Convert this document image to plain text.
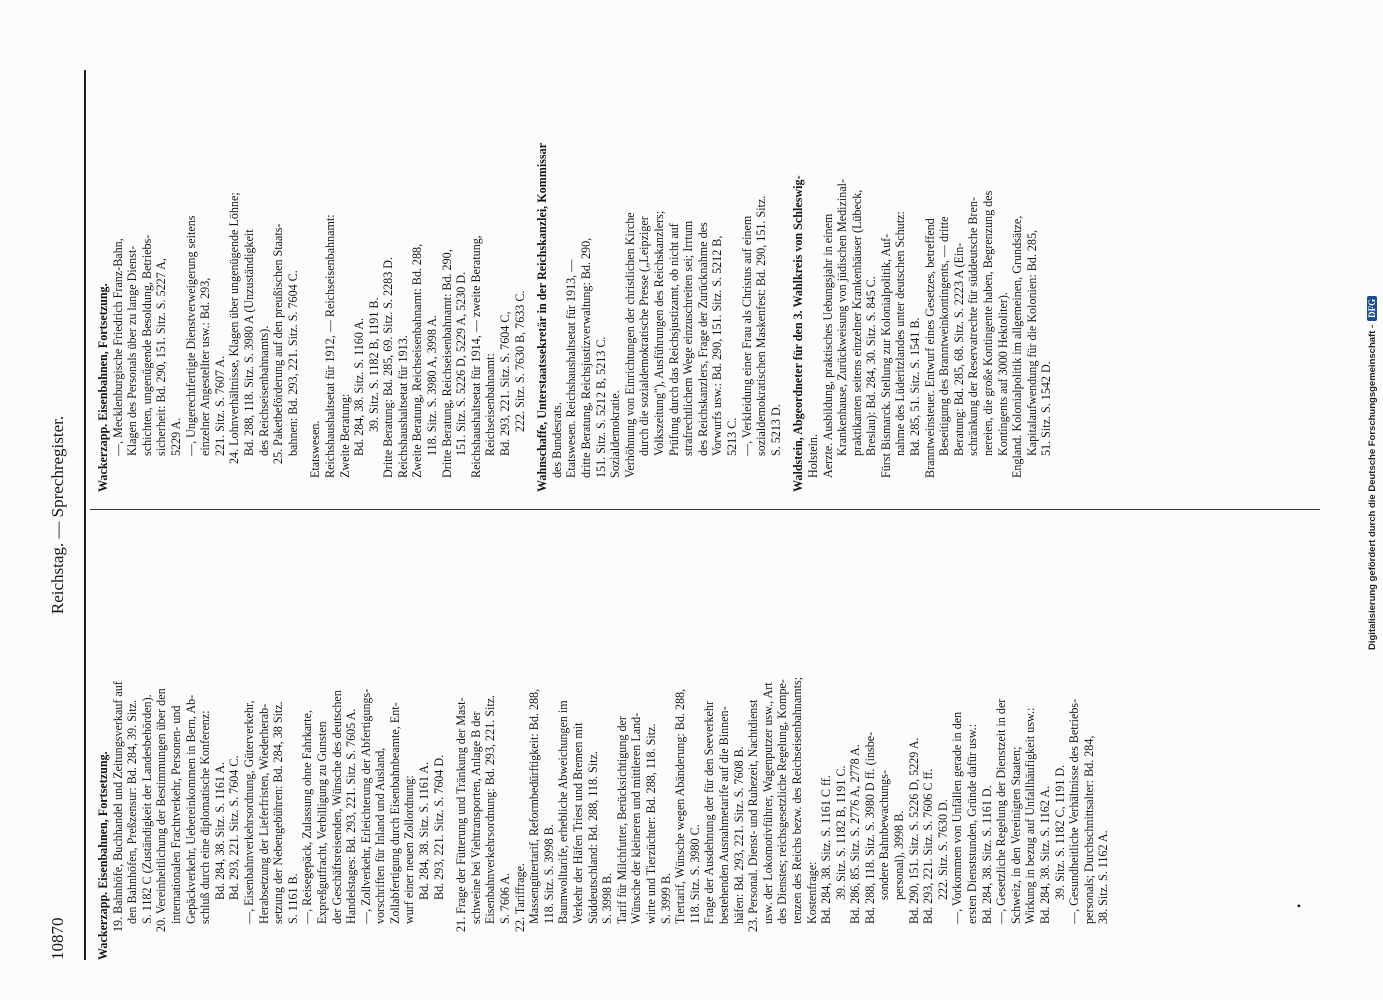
10870
Reichstag. — Sprechregister.
Wackerzapp. Eisenbahnen, Fortsetzung. 19. Bahnhöfe, Buchhandel und Zeitungsverkauf auf den Bahnhöfen, Preßzensur: Bd. 284, 39. Sitz. S. 1182 C (Zuständigkeit der Landesbehörden). 20. Vereinheitlichung der Bestimmungen über den internationalen Frachtverkehr, Personen- und Gepäckverkehr, Uebereinkommen in Bern, Ab- schluß durch eine diplomatische Konferenz: Bd. 284, 38. Sitz. S. 1161 A. Bd. 293, 221. Sitz. S. 7604 C. —, Eisenbahnverkehrsordnung, Güterverkehr, Herabsetzung der Lieferfristen, Wiederherab- setzung der Nebengebühren: Bd. 284, 38 Sitz. S. 1161 B. —, Reisegepäck, Zulassung ohne Fahrkarte, Expreßgutfracht, Verbilligung zu Gunsten der Geschäftsreisenden, Wünsche des deutschen Handelstages: Bd. 293, 221. Sitz. S. 7605 A. —, Zollverkehr, Erleichterung der Abfertigungs- vorschriften für Inland und Ausland, Zollabfertigung durch Eisenbahnbeamte, Ent- wurf einer neuen Zollordnung: Bd. 284, 38. Sitz. S. 1161 A. Bd. 293, 221. Sitz. S. 7604 D. 21. Frage der Fütterung und Tränkung der Mast- schweine bei Viehtransporten, Anlage B der Eisenbahnverkehrsordnung: Bd. 293, 221. Sitz. S. 7606 A. 22. Tariffrage. Massengütertarif, Reformbedürftigkeit: Bd. 288, 118. Sitz. S. 3998 B. Baumwolltarife, erhebliche Abweichungen im Verkehr der Häfen Triest und Bremen mit Süddeutschland: Bd. 288, 118. Sitz. S. 3998 B. Tarif für Milchfutter, Berücksichtigung der Wünsche der kleineren und mittleren Land- wirte und Tierzüchter: Bd. 288, 118. Sitz. S. 3999 B. Tiertarif, Wünsche wegen Abänderung: Bd. 288, 118. Sitz. S. 3980 C. Frage der Ausdehnung der für den Seeverkehr bestehenden Ausnahmetarife auf die Binnen- häfen: Bd. 293, 221. Sitz. S. 7608 B. 23. Personal. Dienst- und Ruhezeit, Nachtdienst usw. der Lokomotivführer, Wagenputzer usw., Art des Dienstes; reichsgesetzliche Regelung, Kompe- tenzen des Reichs bezw. des Reichseisenbahnamts; Kostenfrage: Bd. 284, 38. Sitz. S. 1161 C ff. 39. Sitz. S. 1182 B, 1191 C. Bd. 286, 85. Sitz. S. 2776 A, 2778 A. Bd. 288, 118. Sitz. S. 3980 D ff. (insbe- sondere Bahnbewachungs- personal), 3998 B. Bd. 290, 151. Sitz. S. 5226 D, 5229 A. Bd. 293, 221. Sitz. S. 7606 C ff. 222. Sitz. S. 7630 D. —, Vorkommen von Unfällen gerade in den ersten Dienststunden, Gründe dafür usw.: Bd. 284, 38. Sitz. S. 1161 D. —, Gesetzliche Regelung der Dienstzeit in der Schweiz, in den Vereinigten Staaten; Wirkung in bezug auf Unfallhäufigkeit usw.: Bd. 284, 38. Sitz. S. 1162 A. 39. Sitz. S. 1182 C, 1191 D. —, Gesundheitliche Verhältnisse des Betriebs- personals; Durchschnittsalter: Bd. 284, 38. Sitz. S. 1162 A.
Wackerzapp. Eisenbahnen, Fortsetzung. —, Mecklenburgische Friedrich Franz-Bahn, Klagen des Personals über zu lange Dienst- schichten, ungenügende Besoldung, Betriebs- sicherheit: Bd. 290, 151. Sitz. S. 5227 A, 5229 A. —, Ungerechtfertigte Dienstverweigerung seitens einzelner Angestellter usw.: Bd. 293, 221. Sitz. S. 7607 A. 24. Lohnverhältnisse, Klagen über ungenügende Löhne; Bd. 288, 118. Sitz. S. 3980 A (Unzuständigkeit des Reichseisenbahnamts). 25. Paketbeförderung auf den preußischen Staats- bahnen: Bd. 293, 221. Sitz. S. 7604 C. Etatswesen. Reichshaushaltsetat für 1912, — Reichseisenbahnamt: Zweite Beratung: Bd. 284, 38. Sitz. S. 1160 A. 39. Sitz. S. 1182 B, 1191 B. Dritte Beratung: Bd. 285, 69. Sitz. S. 2283 D. Reichshaushaltsetat für 1913. Zweite Beratung, Reichseisenbahnamt: Bd. 288, 118. Sitz. S. 3980 A, 3998 A. Dritte Beratung, Reichseisenbahnamt: Bd. 290, 151. Sitz. S. 5226 D, 5229 A, 5230 D. Reichshaushaltsetat für 1914, — zweite Beratung, Reichseisenbahnamt: Bd. 293, 221. Sitz. S. 7604 C, 222. Sitz. S. 7630 B, 7633 C. Wahnschaffe, Unterstaatssekretär in der Reichskanzlei, Kommissar des Bundesrats. Etatswesen. Reichshaushaltsetat für 1913, — dritte Beratung, Reichsjustizverwaltung: Bd. 290, 151. Sitz. S. 5212 B, 5213 C. Sozialdemokratie. Verhöhnung von Einrichtungen der christlichen Kirche durch die sozialdemokratische Presse („Leipziger Volkszeitung"), Ausführungen des Reichskanzlers; Prüfung durch das Reichsjustizamt, ob nicht auf strafrechtlichem Wege einzuschreiten sei; Irrtum des Reichskanzlers, Frage der Zurücknahme des Vorwurfs usw.: Bd. 290, 151. Sitz. S. 5212 B, 5213 C. —, Verkleidung einer Frau als Christus auf einem sozialdemokratischen Maskenfest: Bd. 290, 151. Sitz. S. 5213 D. Waldstein, Abgeordneter für den 3. Wahlkreis von Schleswig- Holstein. Aerzte. Ausbildung, praktisches Uebungsjahr in einem Krankenhause, Zurückweisung von jüdischen Medizinal- praktikanten seitens einzelner Krankenhäuser (Lübeck, Breslau): Bd. 284, 30. Sitz. S. 845 C. Fürst Bismarck. Stellung zur Kolonialpolitik, Auf- nahme des Lüderitzlandes unter deutschen Schutz: Bd. 285, 51. Sitz. S. 1541 B. Branntweinsteuer. Entwurf eines Gesetzes, betreffend Beseitigung des Branntweinkontingents, — dritte Beratung: Bd. 285, 68. Sitz. S. 2223 A (Ein- schränkung der Reservatrechte für süddeutsche Bren- nereien, die große Kontingente haben, Begrenzung des Kontingents auf 3000 Hektoliter). England. Kolonialpolitik im allgemeinen, Grundsätze, Kapitalaufwendung für die Kolonien: Bd. 285, 51. Sitz. S. 1542 D.
•
Digitalisierung gefördert durch die Deutsche Forschungsgemeinschaft -DFG
